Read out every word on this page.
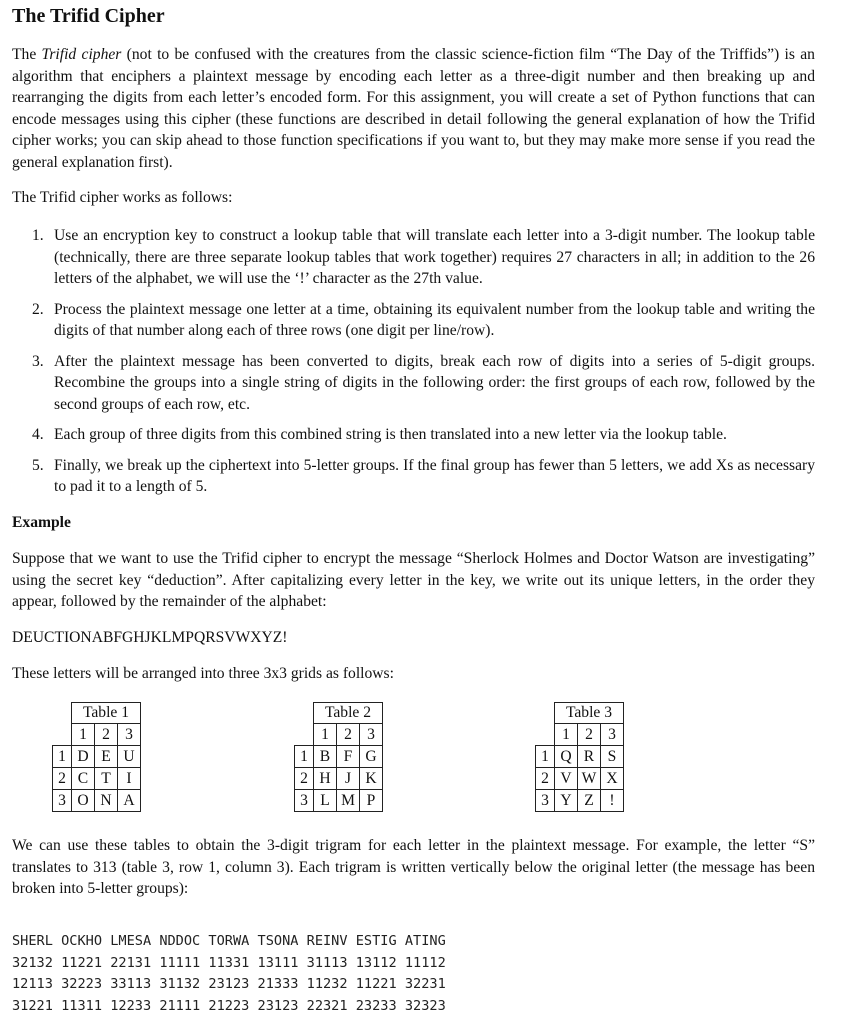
The Trifid Cipher

The Trifid cipher (not to be confused with the creatures from the classic science-fiction film “The Day of the Triffids”) is an algorithm that enciphers a plaintext message by encoding each letter as a three-digit number and then breaking up and rearranging the digits from each letter’s encoded form. For this assignment, you will create a set of Python functions that can encode messages using this cipher (these functions are described in detail following the general explanation of how the Trifid cipher works; you can skip ahead to those function specifications if you want to, but they may make more sense if you read the general explanation first).

The Trifid cipher works as follows:

1. Use an encryption key to construct a lookup table that will translate each letter into a 3-digit number. The lookup table (technically, there are three separate lookup tables that work together) requires 27 characters in all; in addition to the 26 letters of the alphabet, we will use the ‘!’ character as the 27th value.
2. Process the plaintext message one letter at a time, obtaining its equivalent number from the lookup table and writing the digits of that number along each of three rows (one digit per line/row).
3. After the plaintext message has been converted to digits, break each row of digits into a series of 5-digit groups. Recombine the groups into a single string of digits in the following order: the first groups of each row, followed by the second groups of each row, etc.
4. Each group of three digits from this combined string is then translated into a new letter via the lookup table.
5. Finally, we break up the ciphertext into 5-letter groups. If the final group has fewer than 5 letters, we add Xs as necessary to pad it to a length of 5.
Example

Suppose that we want to use the Trifid cipher to encrypt the message “Sherlock Holmes and Doctor Watson are investigating” using the secret key “deduction”. After capitalizing every letter in the key, we write out its unique letters, in the order they appear, followed by the remainder of the alphabet:

DEUCTIONABFGHJKLMPQRSVWXYZ!
These letters will be arranged into three 3x3 grids as follows:
	Table 1		
	1	2	3
1	D	E	U
2	C	T	I
3	O	N	A
	Table 2		
	1	2	3
1	B	F	G
2	H	J	K
3	L	M	P
	Table 3		
	1	2	3
1	Q	R	S
2	V	W	X
3	Y	Z	!

We can use these tables to obtain the 3-digit trigram for each letter in the plaintext message. For example, the letter “S” translates to 313 (table 3, row 1, column 3). Each trigram is written vertically below the original letter (the message has been broken into 5-letter groups):

SHERL OCKHO LMESA NDDOC TORWA TSONA REINV ESTIG ATING
32132 11221 22131 11111 11331 13111 31113 13112 11112
12113 32223 33113 31132 23123 21333 11232 11221 32231
31221 11311 12233 21111 21223 23123 22321 23233 32323
